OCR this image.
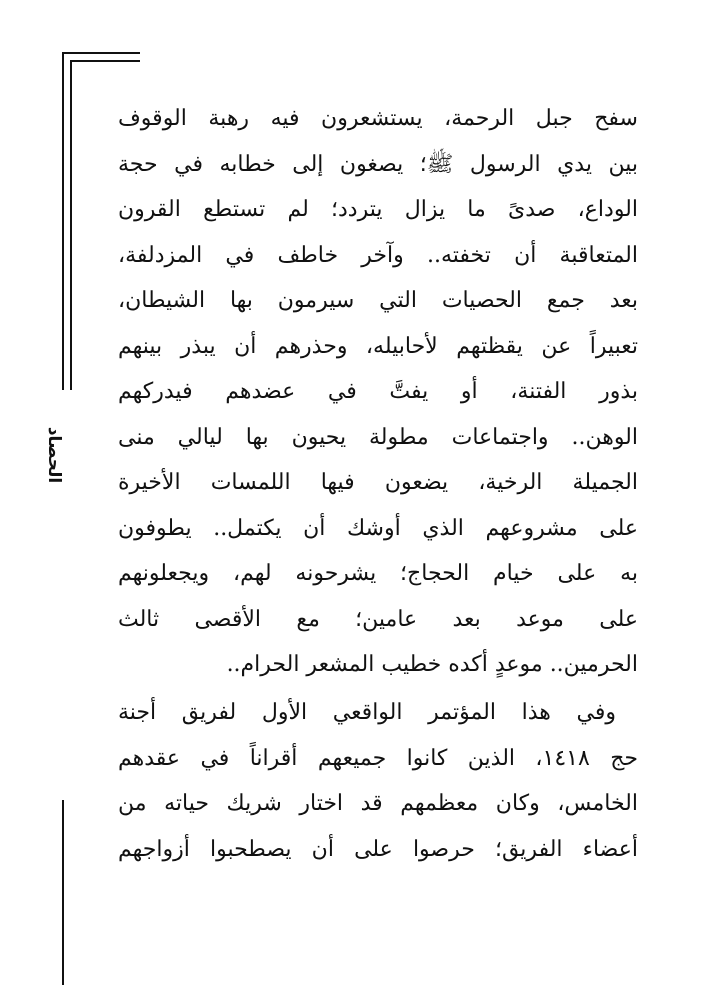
الحصاد
سفح جبل الرحمة، يستشعرون فيه رهبة الوقوف
بين يدي الرسول ﷺ؛ يصغون إلى خطابه في حجة
الوداع، صدىً ما يزال يتردد؛ لم تستطع القرون
المتعاقبة أن تخفته.. وآخر خاطف في المزدلفة،
بعد جمع الحصيات التي سيرمون بها الشيطان،
تعبيراً عن يقظتهم لأحابيله، وحذرهم أن يبذر بينهم
بذور الفتنة، أو يفتَّ في عضدهم فيدركهم
الوهن.. واجتماعات مطولة يحيون بها ليالي منى
الجميلة الرخية، يضعون فيها اللمسات الأخيرة
على مشروعهم الذي أوشك أن يكتمل.. يطوفون
به على خيام الحجاج؛ يشرحونه لهم، ويجعلونهم
على موعد بعد عامين؛ مع الأقصى ثالث
الحرمين.. موعدٍ أكده خطيب المشعر الحرام..
وفي هذا المؤتمر الواقعي الأول لفريق أجنة
حج ١٤١٨، الذين كانوا جميعهم أقراناً في عقدهم
الخامس، وكان معظمهم قد اختار شريك حياته من
أعضاء الفريق؛ حرصوا على أن يصطحبوا أزواجهم
